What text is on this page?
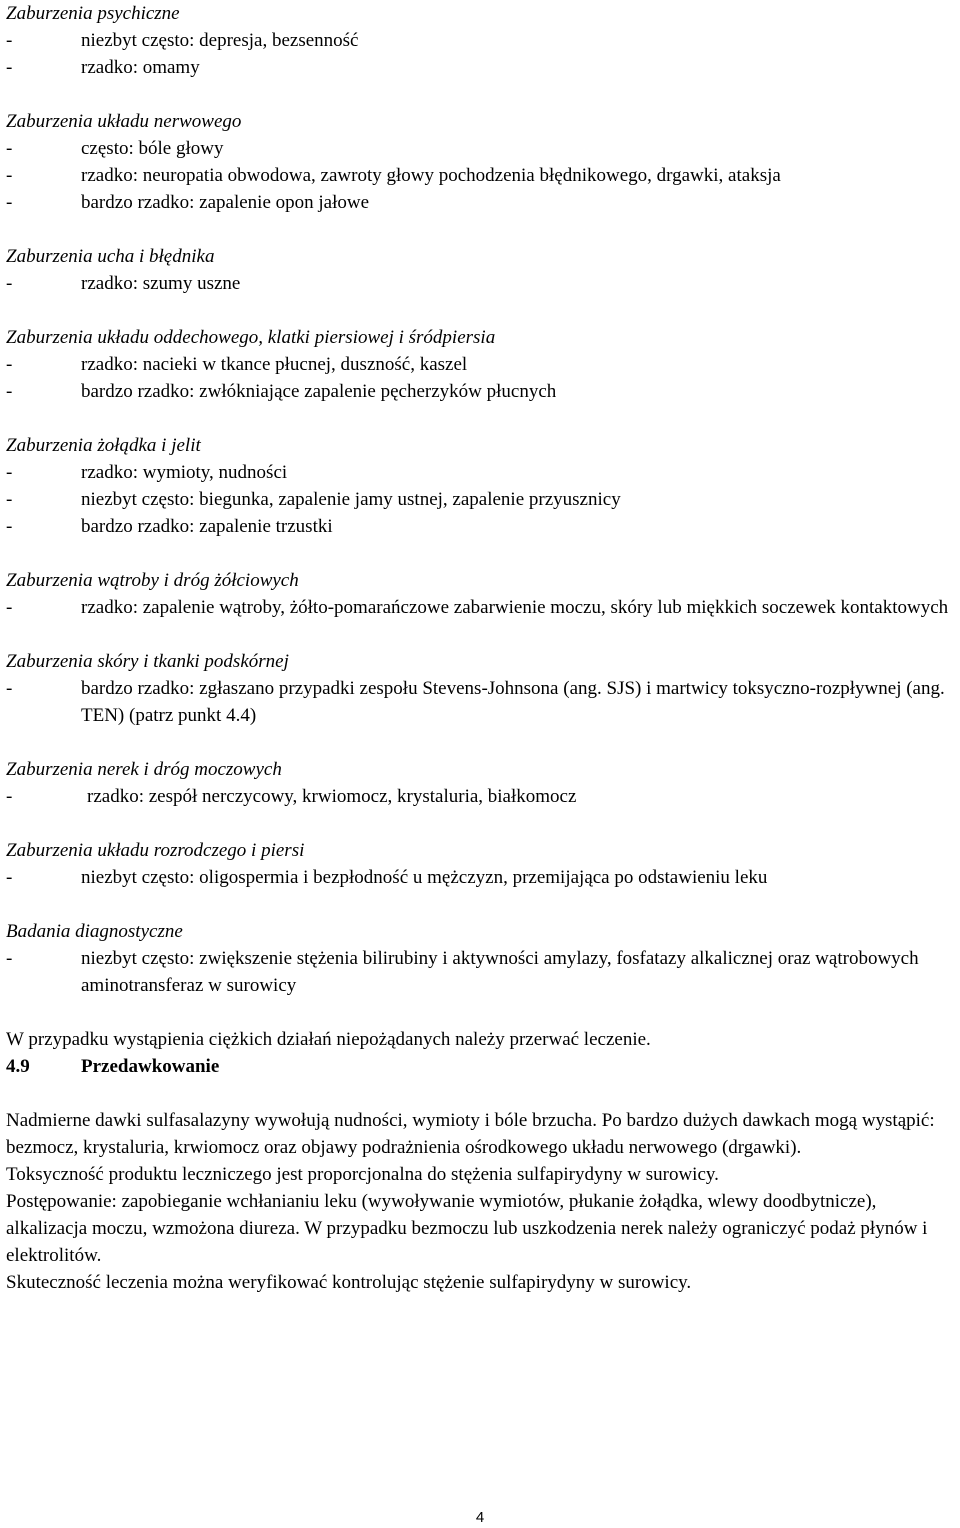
Zaburzenia psychiczne

-	niezbyt często: depresja, bezsenność
-	rzadko: omamy

Zaburzenia układu nerwowego

-	często: bóle głowy
-	rzadko: neuropatia obwodowa, zawroty głowy pochodzenia błędnikowego, drgawki, ataksja
-	bardzo rzadko: zapalenie opon jałowe

Zaburzenia ucha i błędnika

-	rzadko: szumy uszne

Zaburzenia układu oddechowego, klatki piersiowej i śródpiersia

-	rzadko: nacieki w tkance płucnej, duszność, kaszel
-	bardzo rzadko: zwłókniające zapalenie pęcherzyków płucnych

Zaburzenia żołądka i jelit

-	rzadko: wymioty, nudności
-	niezbyt często: biegunka, zapalenie jamy ustnej, zapalenie przyusznicy
-	bardzo rzadko: zapalenie trzustki

Zaburzenia wątroby i dróg żółciowych

-	rzadko: zapalenie wątroby, żółto-pomarańczowe zabarwienie moczu, skóry lub miękkich soczewek kontaktowych

Zaburzenia skóry i tkanki podskórnej

-	bardzo rzadko: zgłaszano przypadki zespołu Stevens-Johnsona (ang. SJS) i martwicy toksyczno-rozpływnej (ang. TEN) (patrz punkt 4.4)

Zaburzenia nerek i dróg moczowych

-	rzadko: zespół nerczycowy, krwiomocz, krystaluria, białkomocz

Zaburzenia układu rozrodczego i piersi

-	niezbyt często: oligospermia i bezpłodność u mężczyzn, przemijająca po odstawieniu leku

Badania diagnostyczne

-	niezbyt często: zwiększenie stężenia bilirubiny i aktywności amylazy, fosfatazy alkalicznej oraz wątrobowych aminotransferaz w surowicy

W przypadku wystąpienia ciężkich działań niepożądanych należy przerwać leczenie.

4.9	Przedawkowanie

Nadmierne dawki sulfasalazyny wywołują nudności, wymioty i bóle brzucha. Po bardzo dużych dawkach mogą wystąpić: bezmocz, krystaluria, krwiomocz oraz objawy podrażnienia ośrodkowego układu nerwowego (drgawki).

Toksyczność produktu leczniczego jest proporcjonalna do stężenia sulfapirydyny w surowicy.

Postępowanie: zapobieganie wchłanianiu leku (wywoływanie wymiotów, płukanie żołądka, wlewy doodbytnicze), alkalizacja moczu, wzmożona diureza. W przypadku bezmoczu lub uszkodzenia nerek należy ograniczyć podaż płynów i elektrolitów.

Skuteczność leczenia można weryfikować kontrolując stężenie sulfapirydyny w surowicy.

4
